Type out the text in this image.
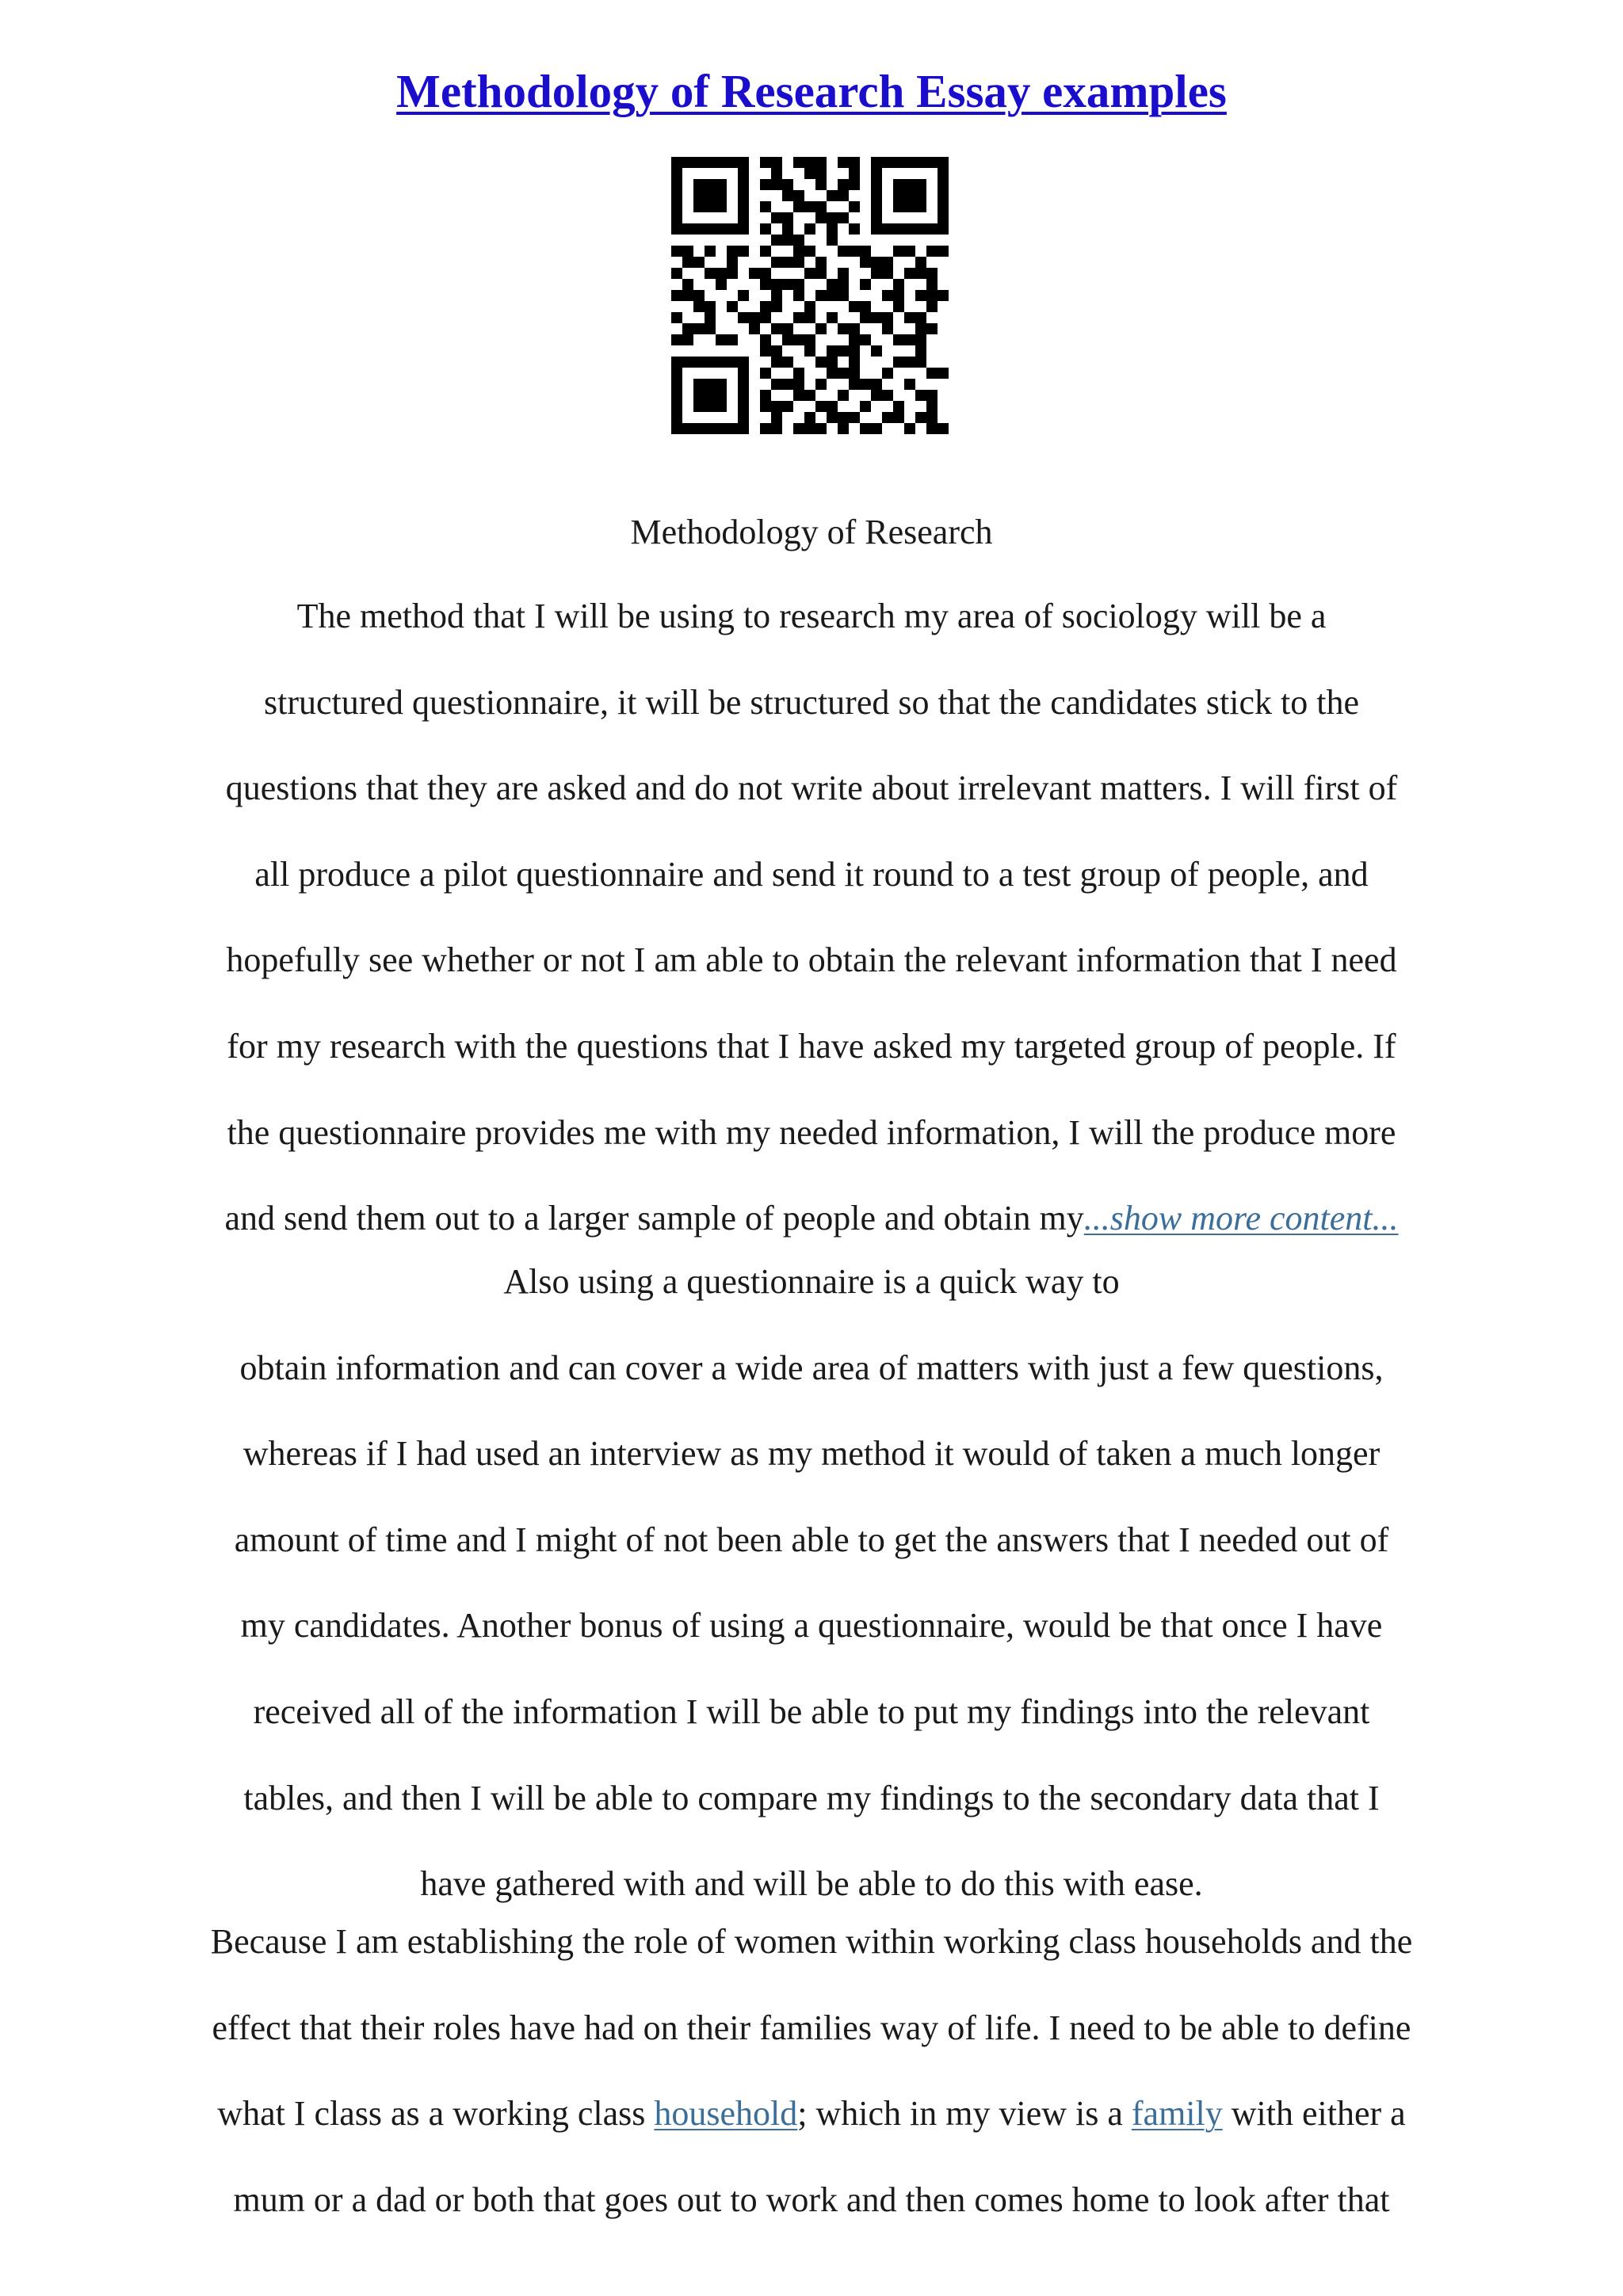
Methodology of Research Essay examples
Methodology of Research
The method that I will be using to research my area of sociology will be a
structured questionnaire, it will be structured so that the candidates stick to the
questions that they are asked and do not write about irrelevant matters. I will first of
all produce a pilot questionnaire and send it round to a test group of people, and
hopefully see whether or not I am able to obtain the relevant information that I need
for my research with the questions that I have asked my targeted group of people. If
the questionnaire provides me with my needed information, I will the produce more
and send them out to a larger sample of people and obtain my...show more content...
Also using a questionnaire is a quick way to
obtain information and can cover a wide area of matters with just a few questions,
whereas if I had used an interview as my method it would of taken a much longer
amount of time and I might of not been able to get the answers that I needed out of
my candidates. Another bonus of using a questionnaire, would be that once I have
received all of the information I will be able to put my findings into the relevant
tables, and then I will be able to compare my findings to the secondary data that I
have gathered with and will be able to do this with ease.
Because I am establishing the role of women within working class households and the
effect that their roles have had on their families way of life. I need to be able to define
what I class as a working class household; which in my view is a family with either a
mum or a dad or both that goes out to work and then comes home to look after that
